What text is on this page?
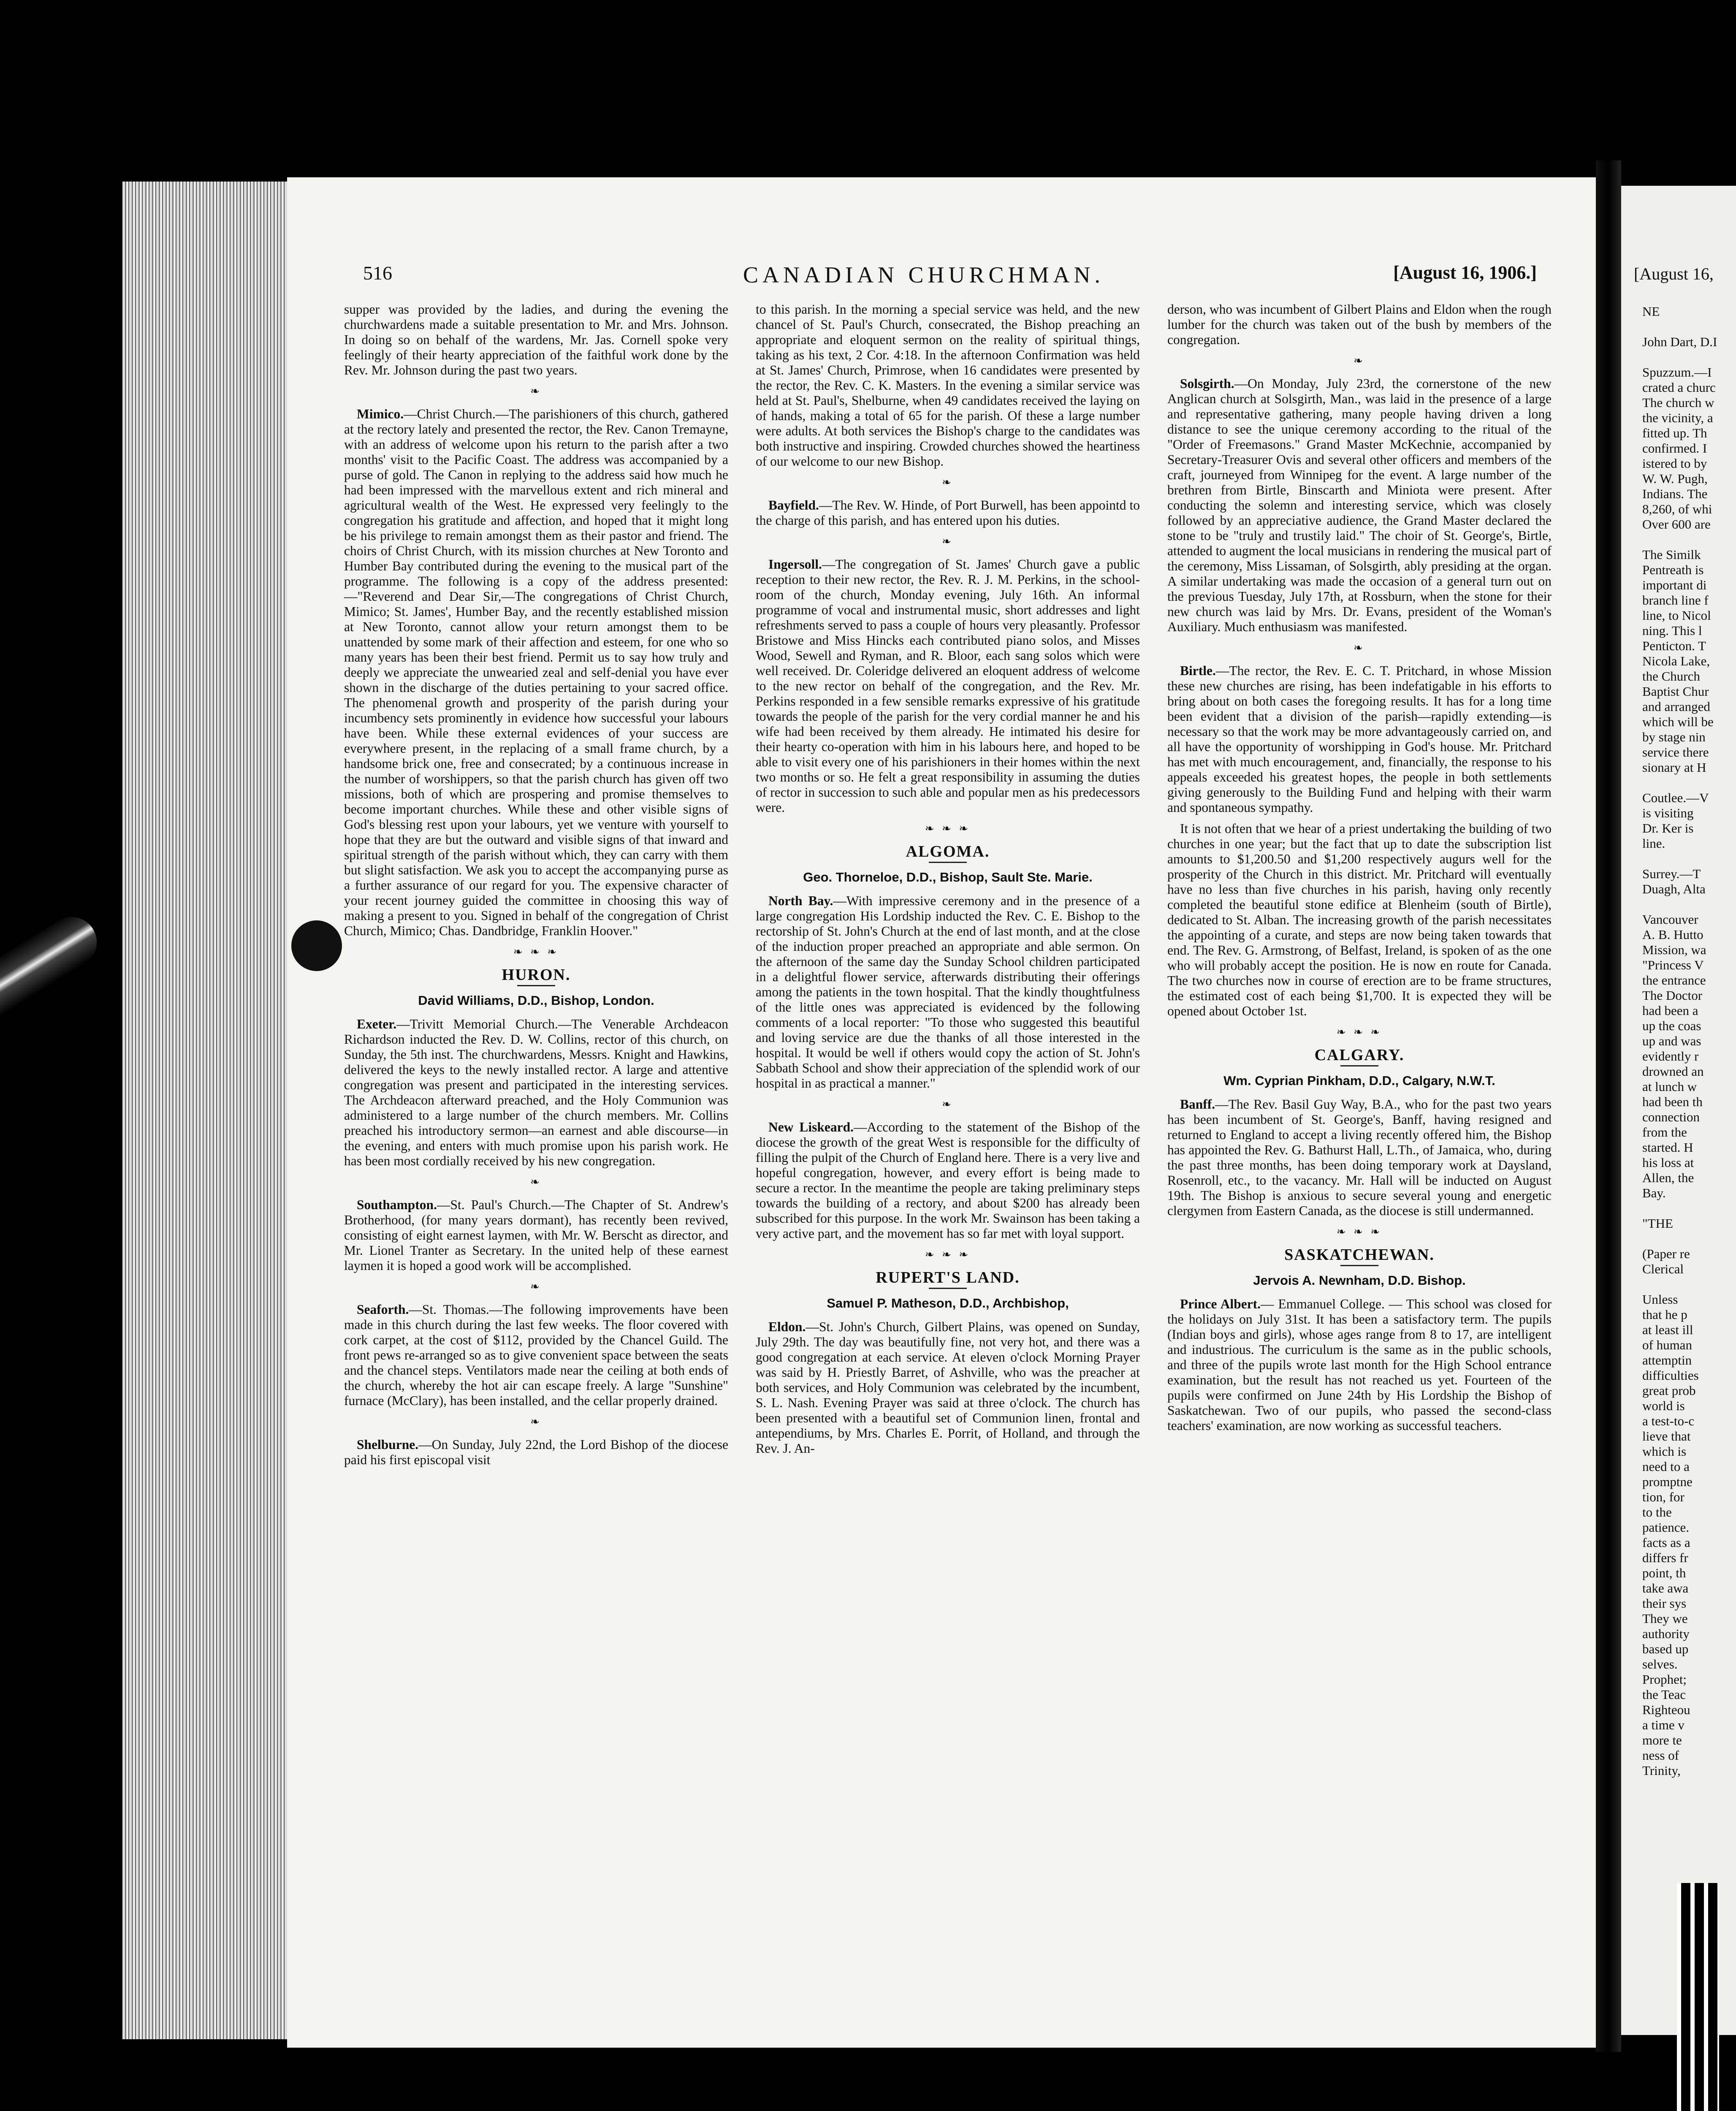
[August 16,
NE
John Dart, D.I
Spuzzum.—I
crated a churc
The church w
the vicinity, a
fitted up. Th
confirmed. I
istered to by
W. W. Pugh,
Indians. The
8,260, of whi
Over 600 are
The Similk
Pentreath is
important di
branch line f
line, to Nicol
ning. This l
Penticton. T
Nicola Lake,
the Church
Baptist Chur
and arranged
which will be
by stage nin
service there
sionary at H
Coutlee.—V
is visiting
Dr. Ker is
line.
Surrey.—T
Duagh, Alta
Vancouver
A. B. Hutto
Mission, wa
"Princess V
the entrance
The Doctor
had been a
up the coas
up and was
evidently r
drowned an
at lunch w
had been th
connection
from the
started. H
his loss at
Allen, the
Bay.
"THE
(Paper re
Clerical
Unless
that he p
at least ill
of human
attemptin
difficulties
great prob
world is
a test-to-c
lieve that
which is
need to a
promptne
tion, for
to the
patience.
facts as a
differs fr
point, th
take awa
their sys
They we
authority
based up
selves.
Prophet;
the Teac
Righteou
a time v
more te
ness of
Trinity,
516	CANADIAN CHURCHMAN.	[August 16, 1906.]

supper was provided by the ladies, and during the evening the churchwardens made a suitable presentation to Mr. and Mrs. Johnson. In doing so on behalf of the wardens, Mr. Jas. Cornell spoke very feelingly of their hearty appreciation of the faithful work done by the Rev. Mr. Johnson during the past two years.

❧

Mimico.—Christ Church.—The parishioners of this church, gathered at the rectory lately and presented the rector, the Rev. Canon Tremayne, with an address of welcome upon his return to the parish after a two months' visit to the Pacific Coast. The address was accompanied by a purse of gold. The Canon in replying to the address said how much he had been impressed with the marvellous extent and rich mineral and agricultural wealth of the West. He expressed very feelingly to the congregation his gratitude and affection, and hoped that it might long be his privilege to remain amongst them as their pastor and friend. The choirs of Christ Church, with its mission churches at New Toronto and Humber Bay contributed during the evening to the musical part of the programme. The following is a copy of the address presented:—"Reverend and Dear Sir,—The congregations of Christ Church, Mimico; St. James', Humber Bay, and the recently established mission at New Toronto, cannot allow your return amongst them to be unattended by some mark of their affection and esteem, for one who so many years has been their best friend. Permit us to say how truly and deeply we appreciate the unwearied zeal and self-denial you have ever shown in the discharge of the duties pertaining to your sacred office. The phenomenal growth and prosperity of the parish during your incumbency sets prominently in evidence how successful your labours have been. While these external evidences of your success are everywhere present, in the replacing of a small frame church, by a handsome brick one, free and consecrated; by a continuous increase in the number of worshippers, so that the parish church has given off two missions, both of which are prospering and promise themselves to become important churches. While these and other visible signs of God's blessing rest upon your labours, yet we venture with yourself to hope that they are but the outward and visible signs of that inward and spiritual strength of the parish without which, they can carry with them but slight satisfaction. We ask you to accept the accompanying purse as a further assurance of our regard for you. The expensive character of your recent journey guided the committee in choosing this way of making a present to you. Signed in behalf of the congregation of Christ Church, Mimico; Chas. Dandbridge, Franklin Hoover."

❧ ❧ ❧
HURON.
David Williams, D.D., Bishop, London.

Exeter.—Trivitt Memorial Church.—The Venerable Archdeacon Richardson inducted the Rev. D. W. Collins, rector of this church, on Sunday, the 5th inst. The churchwardens, Messrs. Knight and Hawkins, delivered the keys to the newly installed rector. A large and attentive congregation was present and participated in the interesting services. The Archdeacon afterward preached, and the Holy Communion was administered to a large number of the church members. Mr. Collins preached his introductory sermon—an earnest and able discourse—in the evening, and enters with much promise upon his parish work. He has been most cordially received by his new congregation.

❧

Southampton.—St. Paul's Church.—The Chapter of St. Andrew's Brotherhood, (for many years dormant), has recently been revived, consisting of eight earnest laymen, with Mr. W. Berscht as director, and Mr. Lionel Tranter as Secretary. In the united help of these earnest laymen it is hoped a good work will be accomplished.

❧

Seaforth.—St. Thomas.—The following improvements have been made in this church during the last few weeks. The floor covered with cork carpet, at the cost of $112, provided by the Chancel Guild. The front pews re-arranged so as to give convenient space between the seats and the chancel steps. Ventilators made near the ceiling at both ends of the church, whereby the hot air can escape freely. A large "Sunshine" furnace (McClary), has been installed, and the cellar properly drained.

❧

Shelburne.—On Sunday, July 22nd, the Lord Bishop of the diocese paid his first episcopal visit

to this parish. In the morning a special service was held, and the new chancel of St. Paul's Church, consecrated, the Bishop preaching an appropriate and eloquent sermon on the reality of spiritual things, taking as his text, 2 Cor. 4:18. In the afternoon Confirmation was held at St. James' Church, Primrose, when 16 candidates were presented by the rector, the Rev. C. K. Masters. In the evening a similar service was held at St. Paul's, Shelburne, when 49 candidates received the laying on of hands, making a total of 65 for the parish. Of these a large number were adults. At both services the Bishop's charge to the candidates was both instructive and inspiring. Crowded churches showed the heartiness of our welcome to our new Bishop.

❧

Bayfield.—The Rev. W. Hinde, of Port Burwell, has been appointd to the charge of this parish, and has entered upon his duties.

❧

Ingersoll.—The congregation of St. James' Church gave a public reception to their new rector, the Rev. R. J. M. Perkins, in the school-room of the church, Monday evening, July 16th. An informal programme of vocal and instrumental music, short addresses and light refreshments served to pass a couple of hours very pleasantly. Professor Bristowe and Miss Hincks each contributed piano solos, and Misses Wood, Sewell and Ryman, and R. Bloor, each sang solos which were well received. Dr. Coleridge delivered an eloquent address of welcome to the new rector on behalf of the congregation, and the Rev. Mr. Perkins responded in a few sensible remarks expressive of his gratitude towards the people of the parish for the very cordial manner he and his wife had been received by them already. He intimated his desire for their hearty co-operation with him in his labours here, and hoped to be able to visit every one of his parishioners in their homes within the next two months or so. He felt a great responsibility in assuming the duties of rector in succession to such able and popular men as his predecessors were.

❧ ❧ ❧
ALGOMA.
Geo. Thorneloe, D.D., Bishop, Sault Ste. Marie.

North Bay.—With impressive ceremony and in the presence of a large congregation His Lordship inducted the Rev. C. E. Bishop to the rectorship of St. John's Church at the end of last month, and at the close of the induction proper preached an appropriate and able sermon. On the afternoon of the same day the Sunday School children participated in a delightful flower service, afterwards distributing their offerings among the patients in the town hospital. That the kindly thoughtfulness of the little ones was appreciated is evidenced by the following comments of a local reporter: "To those who suggested this beautiful and loving service are due the thanks of all those interested in the hospital. It would be well if others would copy the action of St. John's Sabbath School and show their appreciation of the splendid work of our hospital in as practical a manner."

❧

New Liskeard.—According to the statement of the Bishop of the diocese the growth of the great West is responsible for the difficulty of filling the pulpit of the Church of England here. There is a very live and hopeful congregation, however, and every effort is being made to secure a rector. In the meantime the people are taking preliminary steps towards the building of a rectory, and about $200 has already been subscribed for this purpose. In the work Mr. Swainson has been taking a very active part, and the movement has so far met with loyal support.

❧ ❧ ❧
RUPERT'S LAND.
Samuel P. Matheson, D.D., Archbishop,

Eldon.—St. John's Church, Gilbert Plains, was opened on Sunday, July 29th. The day was beautifully fine, not very hot, and there was a good congregation at each service. At eleven o'clock Morning Prayer was said by H. Priestly Barret, of Ashville, who was the preacher at both services, and Holy Communion was celebrated by the incumbent, S. L. Nash. Evening Prayer was said at three o'clock. The church has been presented with a beautiful set of Communion linen, frontal and antependiums, by Mrs. Charles E. Porrit, of Holland, and through the Rev. J. An-

derson, who was incumbent of Gilbert Plains and Eldon when the rough lumber for the church was taken out of the bush by members of the congregation.

❧

Solsgirth.—On Monday, July 23rd, the cornerstone of the new Anglican church at Solsgirth, Man., was laid in the presence of a large and representative gathering, many people having driven a long distance to see the unique ceremony according to the ritual of the "Order of Freemasons." Grand Master McKechnie, accompanied by Secretary-Treasurer Ovis and several other officers and members of the craft, journeyed from Winnipeg for the event. A large number of the brethren from Birtle, Binscarth and Miniota were present. After conducting the solemn and interesting service, which was closely followed by an appreciative audience, the Grand Master declared the stone to be "truly and trustily laid." The choir of St. George's, Birtle, attended to augment the local musicians in rendering the musical part of the ceremony, Miss Lissaman, of Solsgirth, ably presiding at the organ. A similar undertaking was made the occasion of a general turn out on the previous Tuesday, July 17th, at Rossburn, when the stone for their new church was laid by Mrs. Dr. Evans, president of the Woman's Auxiliary. Much enthusiasm was manifested.

❧

Birtle.—The rector, the Rev. E. C. T. Pritchard, in whose Mission these new churches are rising, has been indefatigable in his efforts to bring about on both cases the foregoing results. It has for a long time been evident that a division of the parish—rapidly extending—is necessary so that the work may be more advantageously carried on, and all have the opportunity of worshipping in God's house. Mr. Pritchard has met with much encouragement, and, financially, the response to his appeals exceeded his greatest hopes, the people in both settlements giving generously to the Building Fund and helping with their warm and spontaneous sympathy.

It is not often that we hear of a priest undertaking the building of two churches in one year; but the fact that up to date the subscription list amounts to $1,200.50 and $1,200 respectively augurs well for the prosperity of the Church in this district. Mr. Pritchard will eventually have no less than five churches in his parish, having only recently completed the beautiful stone edifice at Blenheim (south of Birtle), dedicated to St. Alban. The increasing growth of the parish necessitates the appointing of a curate, and steps are now being taken towards that end. The Rev. G. Armstrong, of Belfast, Ireland, is spoken of as the one who will probably accept the position. He is now en route for Canada. The two churches now in course of erection are to be frame structures, the estimated cost of each being $1,700. It is expected they will be opened about October 1st.

❧ ❧ ❧
CALGARY.
Wm. Cyprian Pinkham, D.D., Calgary, N.W.T.

Banff.—The Rev. Basil Guy Way, B.A., who for the past two years has been incumbent of St. George's, Banff, having resigned and returned to England to accept a living recently offered him, the Bishop has appointed the Rev. G. Bathurst Hall, L.Th., of Jamaica, who, during the past three months, has been doing temporary work at Daysland, Rosenroll, etc., to the vacancy. Mr. Hall will be inducted on August 19th. The Bishop is anxious to secure several young and energetic clergymen from Eastern Canada, as the diocese is still undermanned.

❧ ❧ ❧
SASKATCHEWAN.
Jervois A. Newnham, D.D. Bishop.

Prince Albert.— Emmanuel College. — This school was closed for the holidays on July 31st. It has been a satisfactory term. The pupils (Indian boys and girls), whose ages range from 8 to 17, are intelligent and industrious. The curriculum is the same as in the public schools, and three of the pupils wrote last month for the High School entrance examination, but the result has not reached us yet. Fourteen of the pupils were confirmed on June 24th by His Lordship the Bishop of Saskatchewan. Two of our pupils, who passed the second-class teachers' examination, are now working as successful teachers.
